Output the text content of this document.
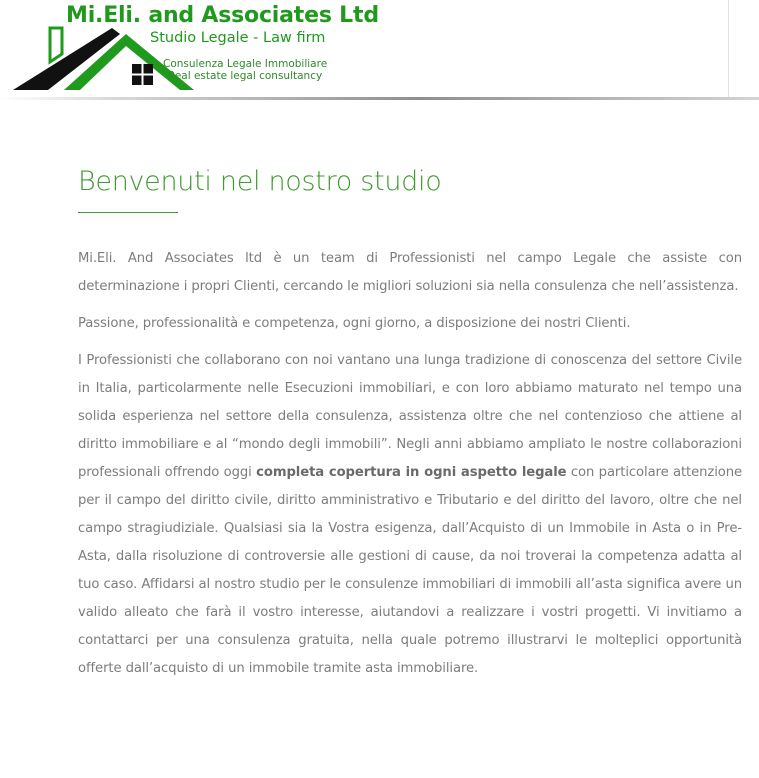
Mi.Eli. and Associates Ltd
Studio Legale - Law firm
Consulenza Legale Immobiliare
Real estate legal consultancy
Benvenuti nel nostro studio

Mi.Eli. And Associates ltd è un team di Professionisti nel campo Legale che assiste con determinazione i propri Clienti, cercando le migliori soluzioni sia nella consulenza che nell’assistenza.

Passione, professionalità e competenza, ogni giorno, a disposizione dei nostri Clienti.

I Professionisti che collaborano con noi vantano una lunga tradizione di conoscenza del settore Civile in Italia, particolarmente nelle Esecuzioni immobiliari, e con loro abbiamo maturato nel tempo una solida esperienza nel settore della consulenza, assistenza oltre che nel contenzioso che attiene al diritto immobiliare e al “mondo degli immobili”. Negli anni abbiamo ampliato le nostre collaborazioni professionali offrendo oggi completa copertura in ogni aspetto legale con particolare attenzione per il campo del diritto civile, diritto amministrativo e Tributario e del diritto del lavoro, oltre che nel campo stragiudiziale. Qualsiasi sia la Vostra esigenza, dall’Acquisto di un Immobile in Asta o in Pre-Asta, dalla risoluzione di controversie alle gestioni di cause, da noi troverai la competenza adatta al tuo caso. Affidarsi al nostro studio per le consulenze immobiliari di immobili all’asta significa avere un valido alleato che farà il vostro interesse, aiutandovi a realizzare i vostri progetti. Vi invitiamo a contattarci per una consulenza gratuita, nella quale potremo illustrarvi le molteplici opportunità offerte dall’acquisto di un immobile tramite asta immobiliare.
